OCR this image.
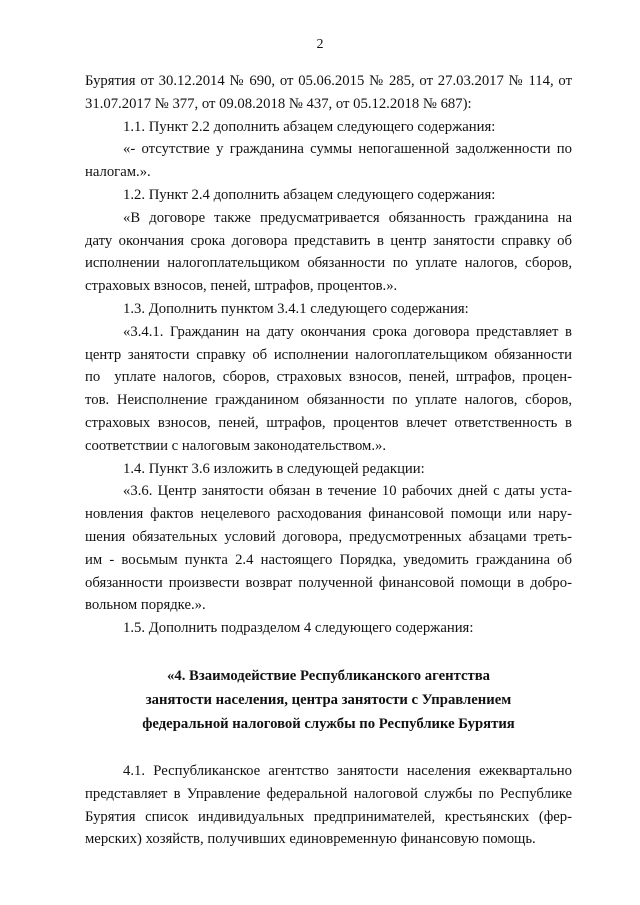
2
Бурятия от 30.12.2014 № 690, от 05.06.2015 № 285, от 27.03.2017 № 114, от
31.07.2017 № 377, от 09.08.2018 № 437, от 05.12.2018 № 687):
1.1. Пункт 2.2 дополнить абзацем следующего содержания:
«- отсутствие у гражданина суммы непогашенной задолженности по
налогам.».
1.2. Пункт 2.4 дополнить абзацем следующего содержания:
«В договоре также предусматривается обязанность гражданина на
дату окончания срока договора представить в центр занятости справку об
исполнении налогоплательщиком обязанности по уплате налогов, сборов,
страховых взносов, пеней, штрафов, процентов.».
1.3. Дополнить пунктом 3.4.1 следующего содержания:
«3.4.1. Гражданин на дату окончания срока договора представляет в
центр занятости справку об исполнении налогоплательщиком обязанности
по  уплате налогов, сборов, страховых взносов, пеней, штрафов, процен-
тов. Неисполнение гражданином обязанности по уплате налогов, сборов,
страховых взносов, пеней, штрафов, процентов влечет ответственность в
соответствии с налоговым законодательством.».
1.4. Пункт 3.6 изложить в следующей редакции:
«3.6. Центр занятости обязан в течение 10 рабочих дней с даты уста-
новления фактов нецелевого расходования финансовой помощи или нару-
шения обязательных условий договора, предусмотренных абзацами треть-
им - восьмым пункта 2.4 настоящего Порядка, уведомить гражданина об
обязанности произвести возврат полученной финансовой помощи в добро-
вольном порядке.».
1.5. Дополнить подразделом 4 следующего содержания:
«4. Взаимодействие Республиканского агентства
занятости населения, центра занятости с Управлением
федеральной налоговой службы по Республике Бурятия
4.1. Республиканское агентство занятости населения ежеквартально
представляет в Управление федеральной налоговой службы по Республике
Бурятия список индивидуальных предпринимателей, крестьянских (фер-
мерских) хозяйств, получивших единовременную финансовую помощь.
